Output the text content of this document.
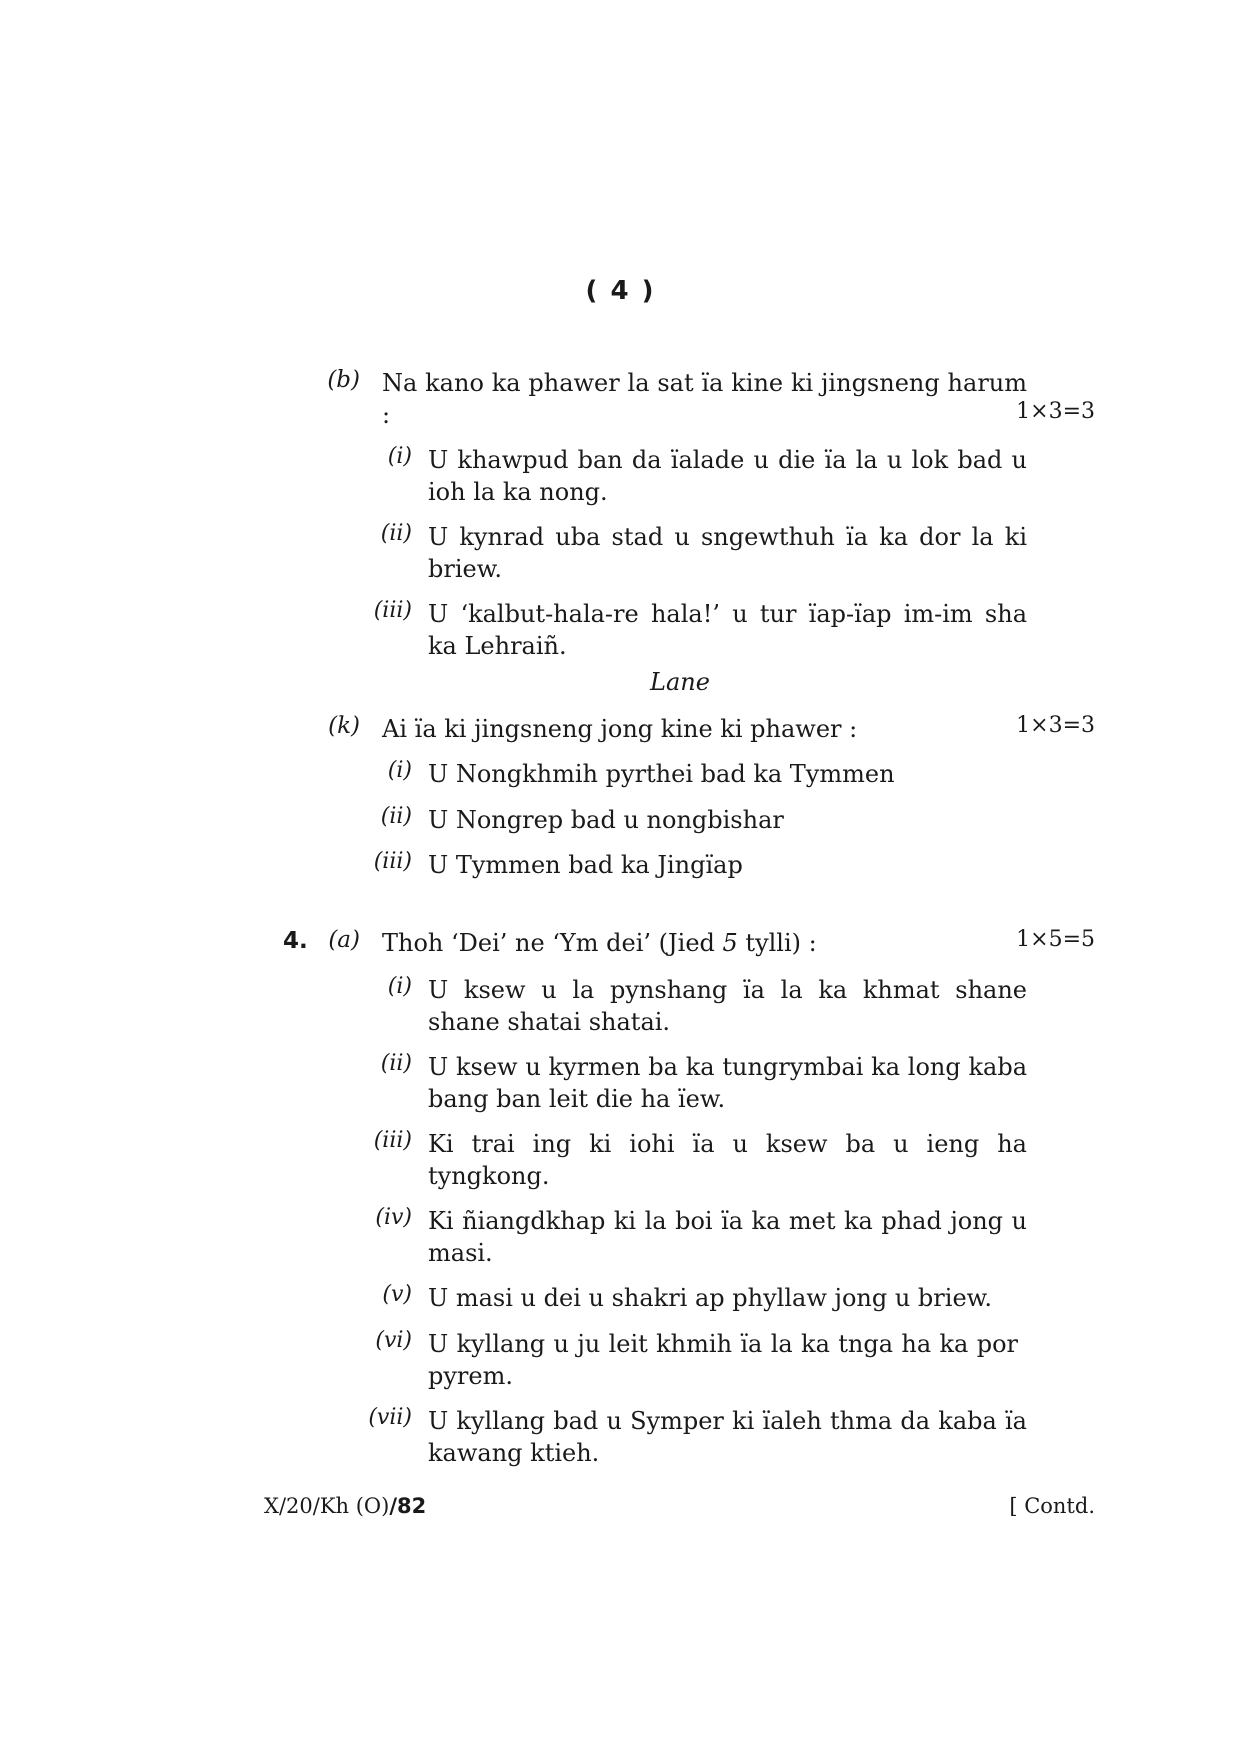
( 4 )
(b) Na kano ka phawer la sat ïa kine ki jingsneng harum :	1×3=3
(i) U khawpud ban da ïalade u die ïa la u lok bad u ioh la ka nong.
(ii) U kynrad uba stad u sngewthuh ïa ka dor la ki briew.
(iii) U ‘kalbut-hala-re hala!’ u tur ïap-ïap im-im sha ka Lehraiñ.
Lane
(k) Ai ïa ki jingsneng jong kine ki phawer :	1×3=3
(i) U Nongkhmih pyrthei bad ka Tymmen
(ii) U Nongrep bad u nongbishar
(iii) U Tymmen bad ka Jingïap
4. (a) Thoh ‘Dei’ ne ‘Ym dei’ (Jied 5 tylli) :	1×5=5
(i) U ksew u la pynshang ïa la ka khmat shane shane shatai shatai.
(ii) U ksew u kyrmen ba ka tungrymbai ka long kaba bang ban leit die ha ïew.
(iii) Ki trai ing ki iohi ïa u ksew ba u ieng ha tyngkong.
(iv) Ki ñiangdkhap ki la boi ïa ka met ka phad jong u masi.
(v) U masi u dei u shakri ap phyllaw jong u briew.
(vi) U kyllang u ju leit khmih ïa la ka tnga ha ka por pyrem.
(vii) U kyllang bad u Symper ki ïaleh thma da kaba ïa kawang ktieh.
X/20/Kh (O)/82	[ Contd.
